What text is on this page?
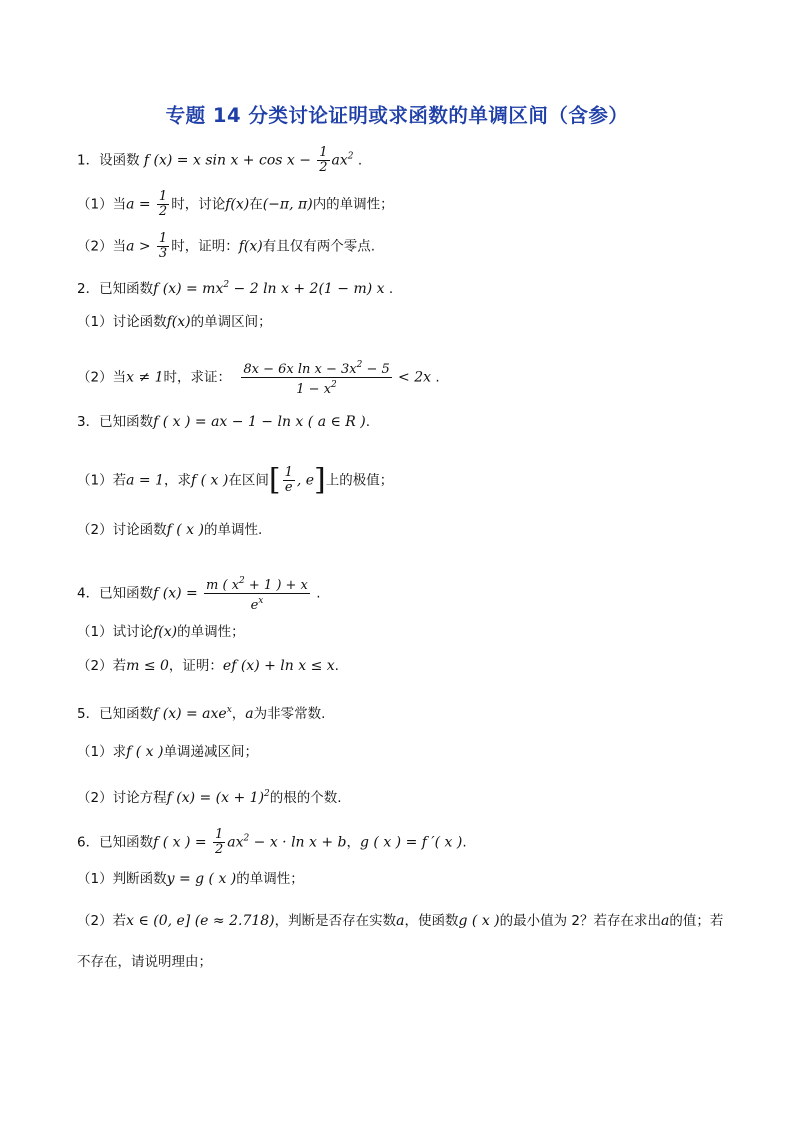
专题 14 分类讨论证明或求函数的单调区间（含参）
1．设函数 f (x) = x $\sin x + \cos x - \frac{1}{2} ax^2$ .
（1）当$a = \frac{1}{2}$ 时，讨论f(x)在(−π, π)内的单调性；
（2）当$a > \frac{1}{3}$ 时，证明：f(x)有且仅有两个零点.
2．已知函数f $(x) = mx^2 - 2$ ln x + 2(1 − m) x .
（1）讨论函数f(x)的单调区间；
（2）当x ≠ 1时，求证： $\frac{8x - 6x \ln x - 3x^2 - 5}{1 - x^2} < 2x$ .
3．已知函数f ( x ) = ax − 1 − ln x ( a ∈ R ).
（1）若a = 1，求f ( x )在区间[ $\frac{1}{e}$ , e]上的极值；
（2）讨论函数f ( x )的单调性.
4．已知函数f $(x) = \frac{m ( x^2 + 1 ) + x}{e^x}$ .
（1）试讨论f(x)的单调性；
（2）若m ≤ 0，证明：ef (x) + ln x ≤ x.
5．已知函数f (x) = axe$^x$，a为非零常数.
（1）求f ( x )单调递减区间；
（2）讨论方程f $(x) = (x + 1)^2$的根的个数.
6．已知函数f ( x ) = $\frac{1}{2} ax^2 - x \cdot \ln x + b$，g ( x ) = f ′( x ).
（1）判断函数y = g ( x )的单调性；
（2）若x ∈ (0, e] (e ≈ 2.718)，判断是否存在实数a，使函数g ( x )的最小值为 2？若存在求出a的值；若
不存在，请说明理由；
